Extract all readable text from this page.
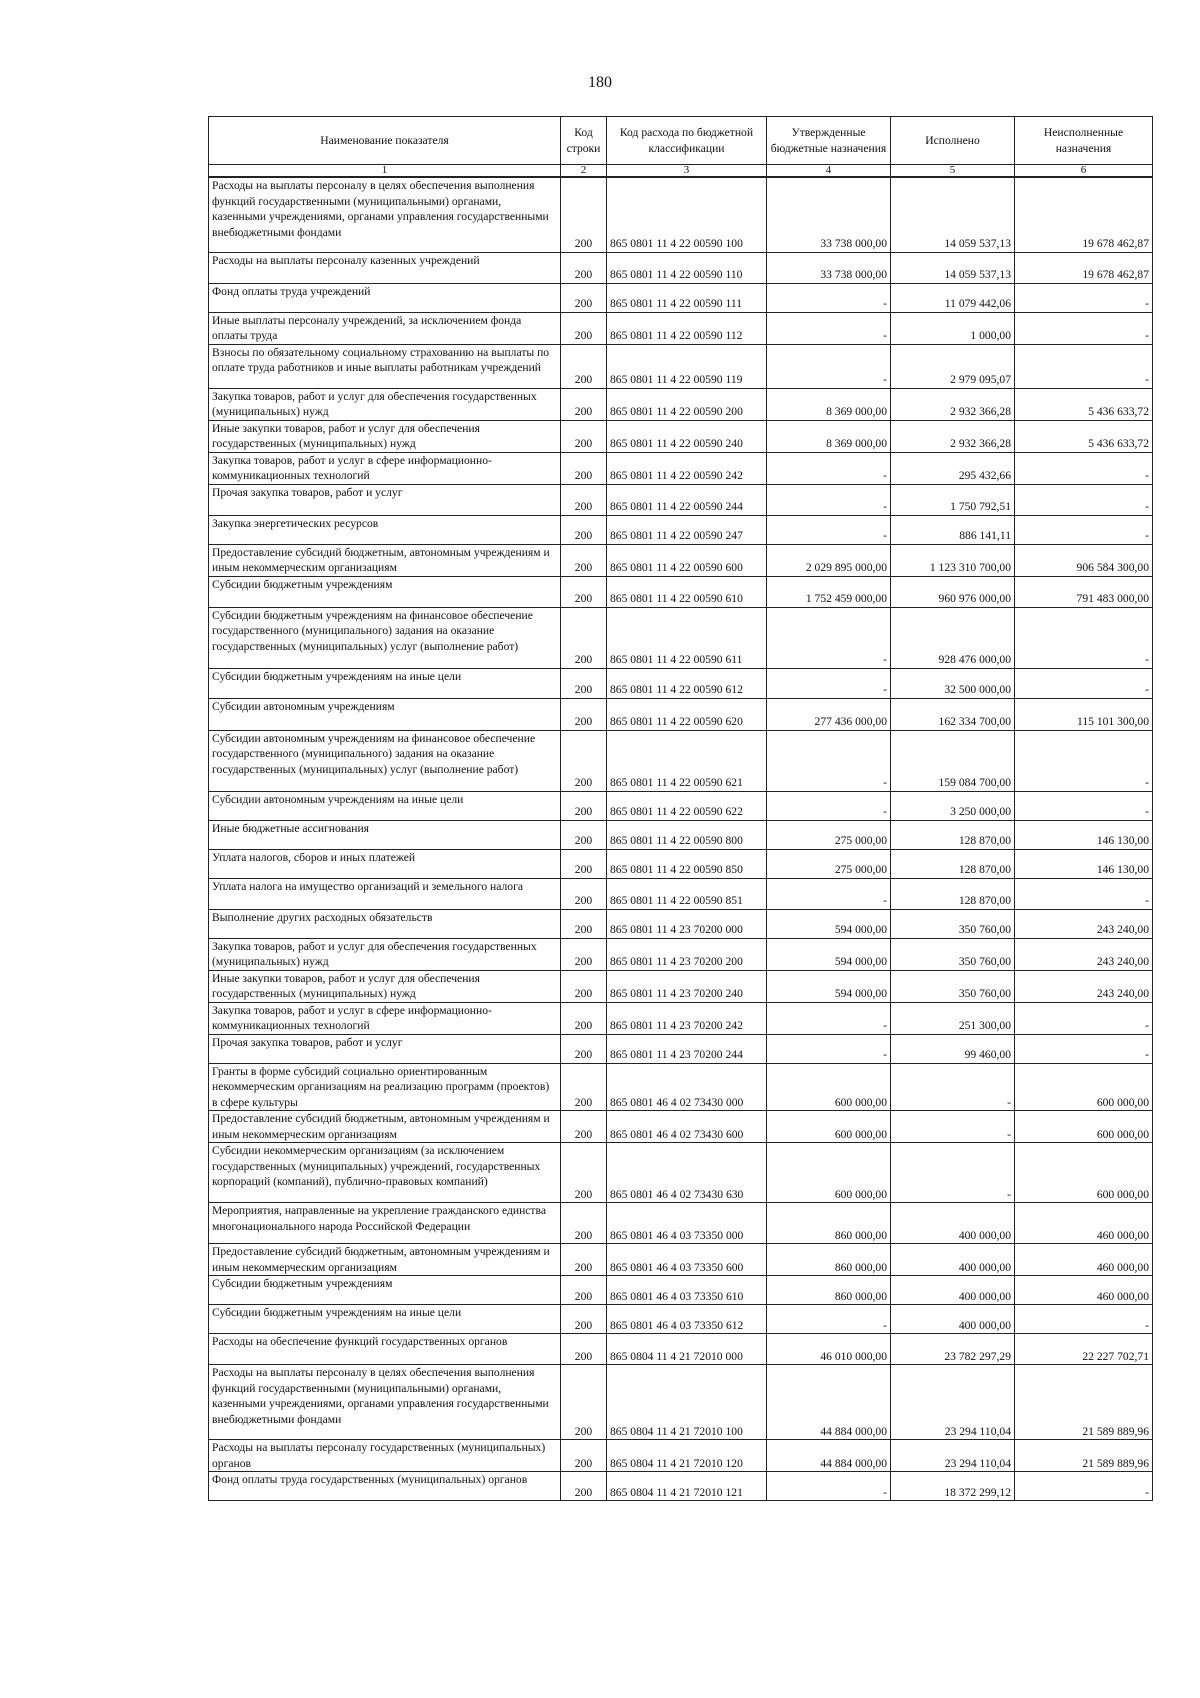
180
Наименование показателя	Код строки	Код расхода по бюджетной классификации	Утвержденные бюджетные назначения	Исполнено	Неисполненные назначения
1	2	3	4	5	6
Расходы на выплаты персоналу в целях обеспечения выполнения функций государственными (муниципальными) органами, казенными учреждениями, органами управления государственными внебюджетными фондами	200	865 0801 11 4 22 00590 100	33 738 000,00	14 059 537,13	19 678 462,87
Расходы на выплаты персоналу казенных учреждений	200	865 0801 11 4 22 00590 110	33 738 000,00	14 059 537,13	19 678 462,87
Фонд оплаты труда учреждений	200	865 0801 11 4 22 00590 111	-	11 079 442,06	-
Иные выплаты персоналу учреждений, за исключением фонда оплаты труда	200	865 0801 11 4 22 00590 112	-	1 000,00	-
Взносы по обязательному социальному страхованию на выплаты по оплате труда работников и иные выплаты работникам учреждений	200	865 0801 11 4 22 00590 119	-	2 979 095,07	-
Закупка товаров, работ и услуг для обеспечения государственных (муниципальных) нужд	200	865 0801 11 4 22 00590 200	8 369 000,00	2 932 366,28	5 436 633,72
Иные закупки товаров, работ и услуг для обеспечения государственных (муниципальных) нужд	200	865 0801 11 4 22 00590 240	8 369 000,00	2 932 366,28	5 436 633,72
Закупка товаров, работ и услуг в сфере информационно-коммуникационных технологий	200	865 0801 11 4 22 00590 242	-	295 432,66	-
Прочая закупка товаров, работ и услуг	200	865 0801 11 4 22 00590 244	-	1 750 792,51	-
Закупка энергетических ресурсов	200	865 0801 11 4 22 00590 247	-	886 141,11	-
Предоставление субсидий бюджетным, автономным учреждениям и иным некоммерческим организациям	200	865 0801 11 4 22 00590 600	2 029 895 000,00	1 123 310 700,00	906 584 300,00
Субсидии бюджетным учреждениям	200	865 0801 11 4 22 00590 610	1 752 459 000,00	960 976 000,00	791 483 000,00
Субсидии бюджетным учреждениям на финансовое обеспечение государственного (муниципального) задания на оказание государственных (муниципальных) услуг (выполнение работ)	200	865 0801 11 4 22 00590 611	-	928 476 000,00	-
Субсидии бюджетным учреждениям на иные цели	200	865 0801 11 4 22 00590 612	-	32 500 000,00	-
Субсидии автономным учреждениям	200	865 0801 11 4 22 00590 620	277 436 000,00	162 334 700,00	115 101 300,00
Субсидии автономным учреждениям на финансовое обеспечение государственного (муниципального) задания на оказание государственных (муниципальных) услуг (выполнение работ)	200	865 0801 11 4 22 00590 621	-	159 084 700,00	-
Субсидии автономным учреждениям на иные цели	200	865 0801 11 4 22 00590 622	-	3 250 000,00	-
Иные бюджетные ассигнования	200	865 0801 11 4 22 00590 800	275 000,00	128 870,00	146 130,00
Уплата налогов, сборов и иных платежей	200	865 0801 11 4 22 00590 850	275 000,00	128 870,00	146 130,00
Уплата налога на имущество организаций и земельного налога	200	865 0801 11 4 22 00590 851	-	128 870,00	-
Выполнение других расходных обязательств	200	865 0801 11 4 23 70200 000	594 000,00	350 760,00	243 240,00
Закупка товаров, работ и услуг для обеспечения государственных (муниципальных) нужд	200	865 0801 11 4 23 70200 200	594 000,00	350 760,00	243 240,00
Иные закупки товаров, работ и услуг для обеспечения государственных (муниципальных) нужд	200	865 0801 11 4 23 70200 240	594 000,00	350 760,00	243 240,00
Закупка товаров, работ и услуг в сфере информационно-коммуникационных технологий	200	865 0801 11 4 23 70200 242	-	251 300,00	-
Прочая закупка товаров, работ и услуг	200	865 0801 11 4 23 70200 244	-	99 460,00	-
Гранты в форме субсидий социально ориентированным некоммерческим организациям на реализацию программ (проектов) в сфере культуры	200	865 0801 46 4 02 73430 000	600 000,00	-	600 000,00
Предоставление субсидий бюджетным, автономным учреждениям и иным некоммерческим организациям	200	865 0801 46 4 02 73430 600	600 000,00	-	600 000,00
Субсидии некоммерческим организациям (за исключением государственных (муниципальных) учреждений, государственных корпораций (компаний), публично-правовых компаний)	200	865 0801 46 4 02 73430 630	600 000,00	-	600 000,00
Мероприятия, направленные на укрепление гражданского единства многонационального народа Российской Федерации	200	865 0801 46 4 03 73350 000	860 000,00	400 000,00	460 000,00
Предоставление субсидий бюджетным, автономным учреждениям и иным некоммерческим организациям	200	865 0801 46 4 03 73350 600	860 000,00	400 000,00	460 000,00
Субсидии бюджетным учреждениям	200	865 0801 46 4 03 73350 610	860 000,00	400 000,00	460 000,00
Субсидии бюджетным учреждениям на иные цели	200	865 0801 46 4 03 73350 612	-	400 000,00	-
Расходы на обеспечение функций государственных органов	200	865 0804 11 4 21 72010 000	46 010 000,00	23 782 297,29	22 227 702,71
Расходы на выплаты персоналу в целях обеспечения выполнения функций государственными (муниципальными) органами, казенными учреждениями, органами управления государственными внебюджетными фондами	200	865 0804 11 4 21 72010 100	44 884 000,00	23 294 110,04	21 589 889,96
Расходы на выплаты персоналу государственных (муниципальных) органов	200	865 0804 11 4 21 72010 120	44 884 000,00	23 294 110,04	21 589 889,96
Фонд оплаты труда государственных (муниципальных) органов	200	865 0804 11 4 21 72010 121	-	18 372 299,12	-
